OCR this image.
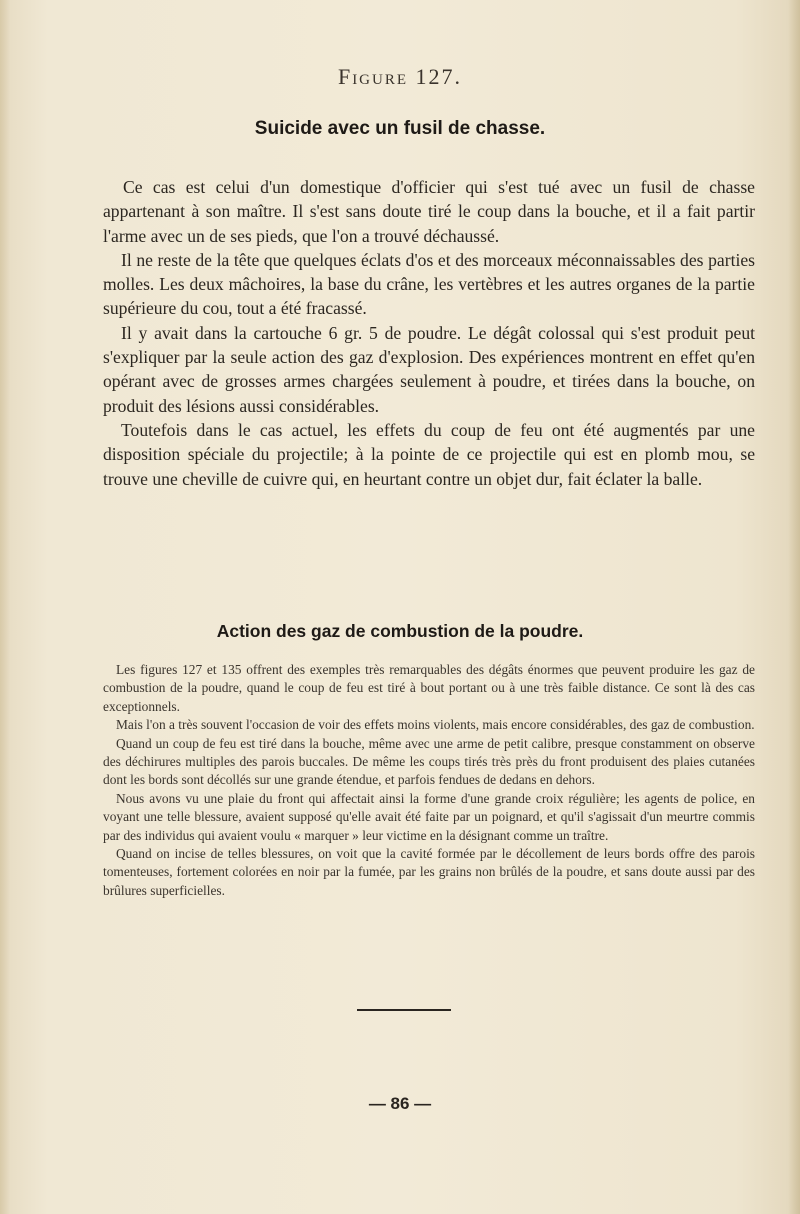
Figure 127.
Suicide avec un fusil de chasse.

Ce cas est celui d'un domestique d'officier qui s'est tué avec un fusil de chasse appartenant à son maître. Il s'est sans doute tiré le coup dans la bouche, et il a fait partir l'arme avec un de ses pieds, que l'on a trouvé déchaussé.

Il ne reste de la tête que quelques éclats d'os et des morceaux méconnaissables des parties molles. Les deux mâchoires, la base du crâne, les vertèbres et les autres organes de la partie supérieure du cou, tout a été fracassé.

Il y avait dans la cartouche 6 gr. 5 de poudre. Le dégât colossal qui s'est produit peut s'expliquer par la seule action des gaz d'explosion. Des expériences montrent en effet qu'en opérant avec de grosses armes chargées seulement à poudre, et tirées dans la bouche, on produit des lésions aussi considérables.

Toutefois dans le cas actuel, les effets du coup de feu ont été augmentés par une disposition spéciale du projectile; à la pointe de ce projectile qui est en plomb mou, se trouve une cheville de cuivre qui, en heurtant contre un objet dur, fait éclater la balle.

Action des gaz de combustion de la poudre.

Les figures 127 et 135 offrent des exemples très remarquables des dégâts énormes que peuvent produire les gaz de combustion de la poudre, quand le coup de feu est tiré à bout portant ou à une très faible distance. Ce sont là des cas exceptionnels.

Mais l'on a très souvent l'occasion de voir des effets moins violents, mais encore considérables, des gaz de combustion.

Quand un coup de feu est tiré dans la bouche, même avec une arme de petit calibre, presque constamment on observe des déchirures multiples des parois buccales. De même les coups tirés très près du front produisent des plaies cutanées dont les bords sont décollés sur une grande étendue, et parfois fendues de dedans en dehors.

Nous avons vu une plaie du front qui affectait ainsi la forme d'une grande croix régulière; les agents de police, en voyant une telle blessure, avaient supposé qu'elle avait été faite par un poignard, et qu'il s'agissait d'un meurtre commis par des individus qui avaient voulu « marquer » leur victime en la désignant comme un traître.

Quand on incise de telles blessures, on voit que la cavité formée par le décollement de leurs bords offre des parois tomenteuses, fortement colorées en noir par la fumée, par les grains non brûlés de la poudre, et sans doute aussi par des brûlures superficielles.

— 86 —
